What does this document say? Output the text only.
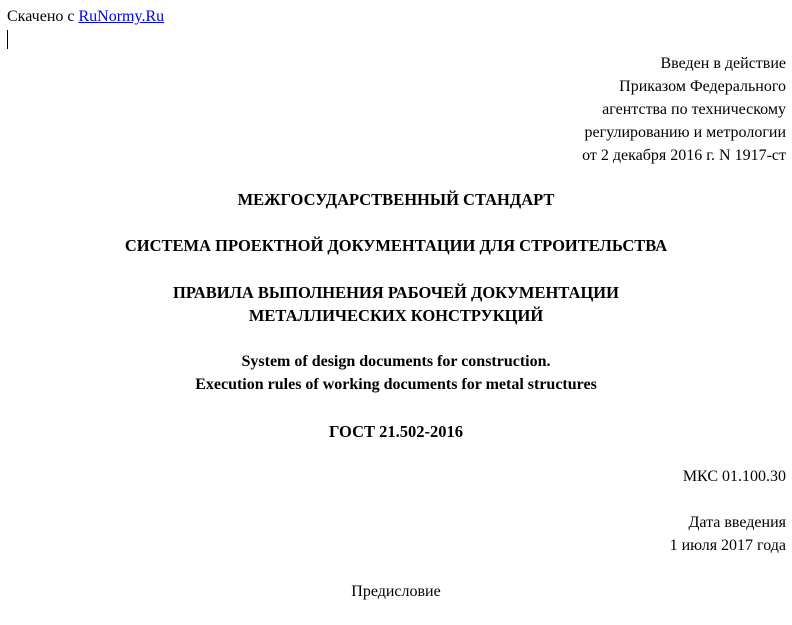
Скачено с RuNormy.Ru
Введен в действие
Приказом Федерального
агентства по техническому
регулированию и метрологии
от 2 декабря 2016 г. N 1917-ст
МЕЖГОСУДАРСТВЕННЫЙ СТАНДАРТ
СИСТЕМА ПРОЕКТНОЙ ДОКУМЕНТАЦИИ ДЛЯ СТРОИТЕЛЬСТВА
ПРАВИЛА ВЫПОЛНЕНИЯ РАБОЧЕЙ ДОКУМЕНТАЦИИ
МЕТАЛЛИЧЕСКИХ КОНСТРУКЦИЙ
System of design documents for construction.
Execution rules of working documents for metal structures
ГОСТ 21.502-2016
МКС 01.100.30
Дата введения
1 июля 2017 года
Предисловие
